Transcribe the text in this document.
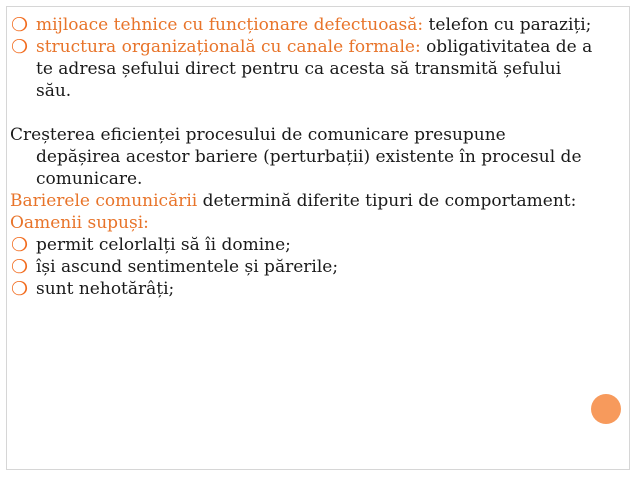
❍ mijloace tehnice cu funcționare defectuoasă: telefon cu paraziți;

❍ structura organizațională cu canale formale: obligativitatea de a te adresa șefului direct pentru ca acesta să transmită șefului său.

Creșterea eficienței procesului de comunicare presupune depășirea acestor bariere (perturbații) existente în procesul de comunicare.

Barierele comunicării determină diferite tipuri de comportament:

Oamenii supuși:

❍ permit celorlalți să îi domine;

❍ își ascund sentimentele și părerile;

❍ sunt nehotărâți;
